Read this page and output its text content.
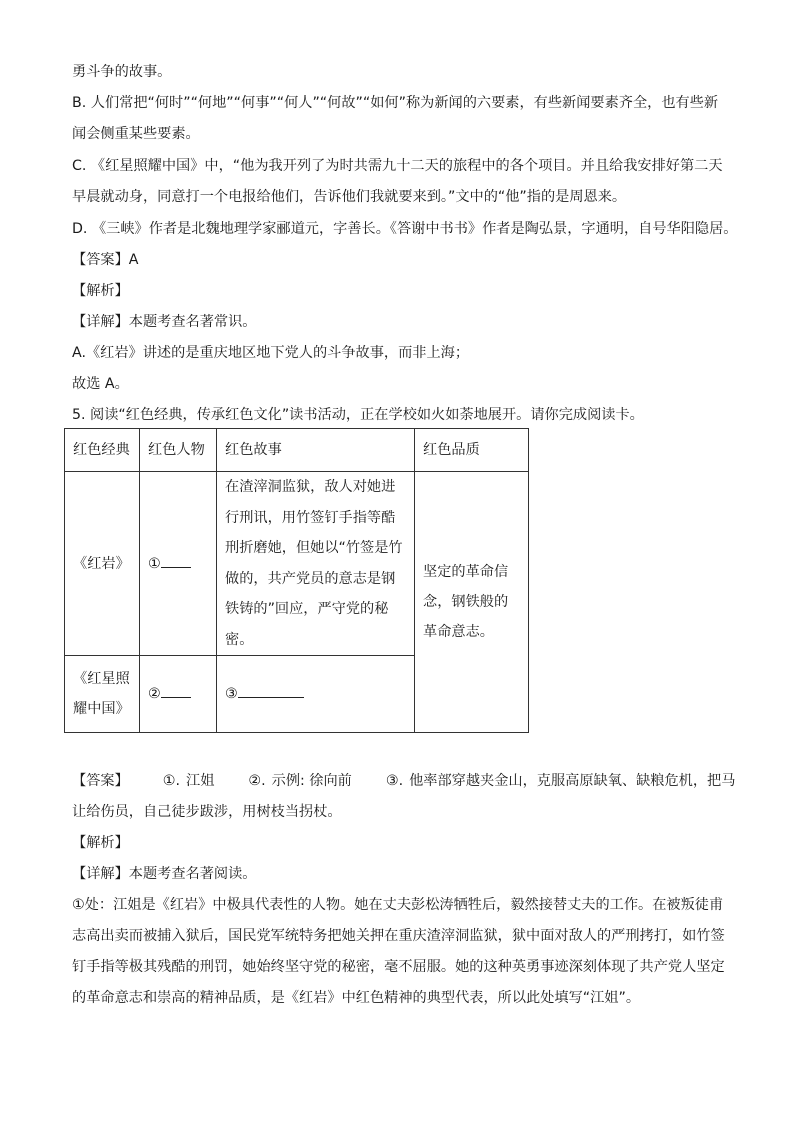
勇斗争的故事。

B. 人们常把“何时”“何地”“何事”“何人”“何故”“如何”称为新闻的六要素，有些新闻要素齐全，也有些新闻会侧重某些要素。

C. 《红星照耀中国》中，“他为我开列了为时共需九十二天的旅程中的各个项目。并且给我安排好第二天早晨就动身，同意打一个电报给他们，告诉他们我就要来到。”文中的“他”指的是周恩来。

D. 《三峡》作者是北魏地理学家郦道元，字善长。《答谢中书书》作者是陶弘景，字通明，自号华阳隐居。

【答案】A

【解析】

【详解】本题考查名著常识。

A.《红岩》讲述的是重庆地区地下党人的斗争故事，而非上海；

故选 A。

5. 阅读“红色经典，传承红色文化”读书活动，正在学校如火如荼地展开。请你完成阅读卡。

红色经典	红色人物	红色故事	红色品质
《红岩》	①	在渣滓洞监狱，敌人对她进行刑讯，用竹签钉手指等酷刑折磨她，但她以“竹签是竹做的，共产党员的意志是钢铁铸的”回应，严守党的秘密。	坚定的革命信念，钢铁般的革命意志。
《红星照耀中国》	②	③	
【答案】 ①. 江姐 ②. 示例: 徐向前 ③. 他率部穿越夹金山，克服高原缺氧、缺粮危机，把马

让给伤员，自己徒步跋涉，用树枝当拐杖。

【解析】

【详解】本题考查名著阅读。

①处：江姐是《红岩》中极具代表性的人物。她在丈夫彭松涛牺牲后，毅然接替丈夫的工作。在被叛徒甫志高出卖而被捕入狱后，国民党军统特务把她关押在重庆渣滓洞监狱，狱中面对敌人的严刑拷打，如竹签钉手指等极其残酷的刑罚，她始终坚守党的秘密，毫不屈服。她的这种英勇事迹深刻体现了共产党人坚定的革命意志和崇高的精神品质，是《红岩》中红色精神的典型代表，所以此处填写“江姐”。
